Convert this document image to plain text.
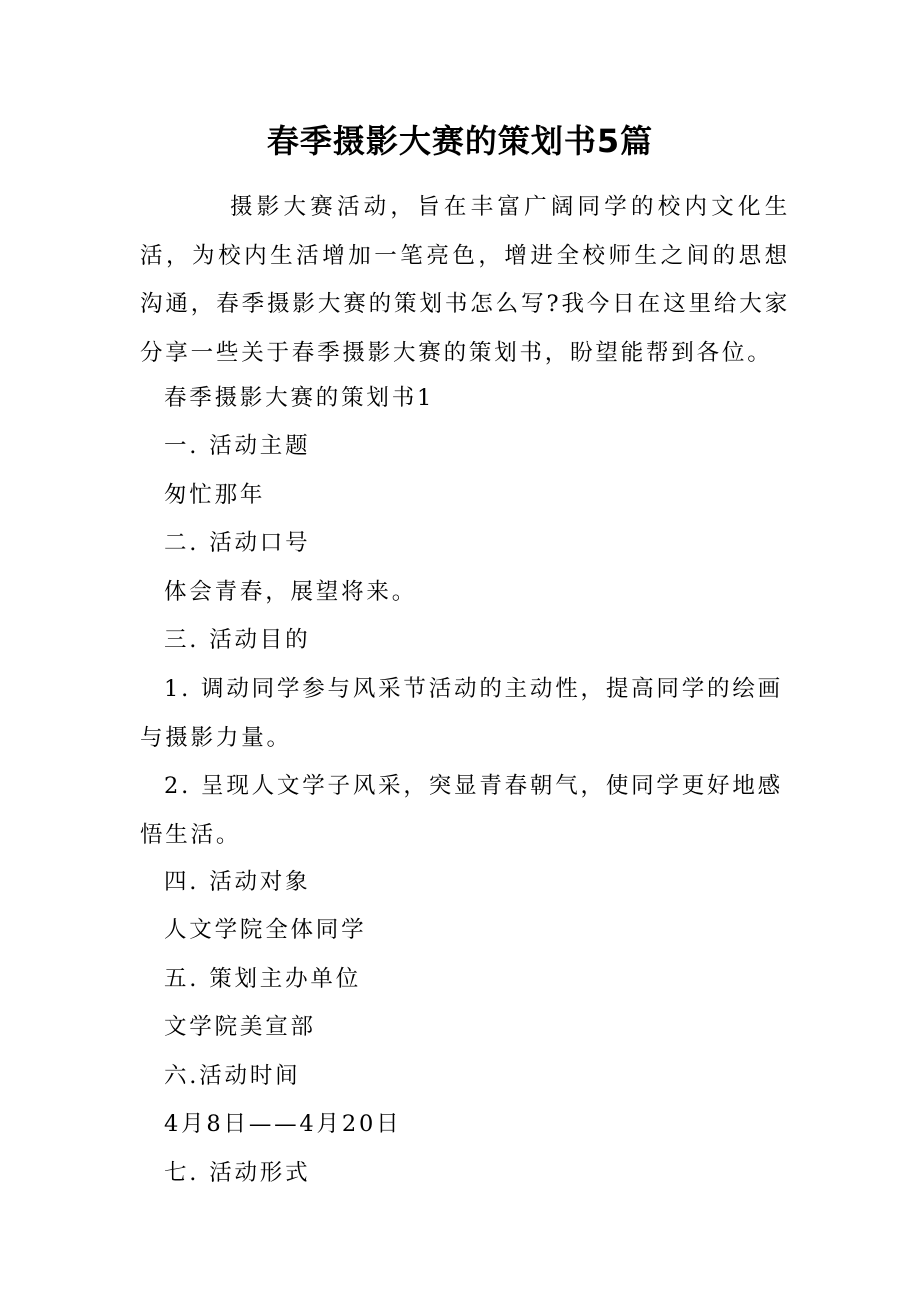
春季摄影大赛的策划书5篇
摄影大赛活动，旨在丰富广阔同学的校内文化生活，为校内生活增加一笔亮色，增进全校师生之间的思想沟通，春季摄影大赛的策划书怎么写?我今日在这里给大家分享一些关于春季摄影大赛的策划书，盼望能帮到各位。
春季摄影大赛的策划书1
一. 活动主题
匆忙那年
二. 活动口号
体会青春，展望将来。
三. 活动目的
1. 调动同学参与风采节活动的主动性，提高同学的绘画与摄影力量。
2. 呈现人文学子风采，突显青春朝气，使同学更好地感悟生活。
四. 活动对象
人文学院全体同学
五. 策划主办单位
文学院美宣部
六.活动时间
4月8日——4月20日
七. 活动形式
